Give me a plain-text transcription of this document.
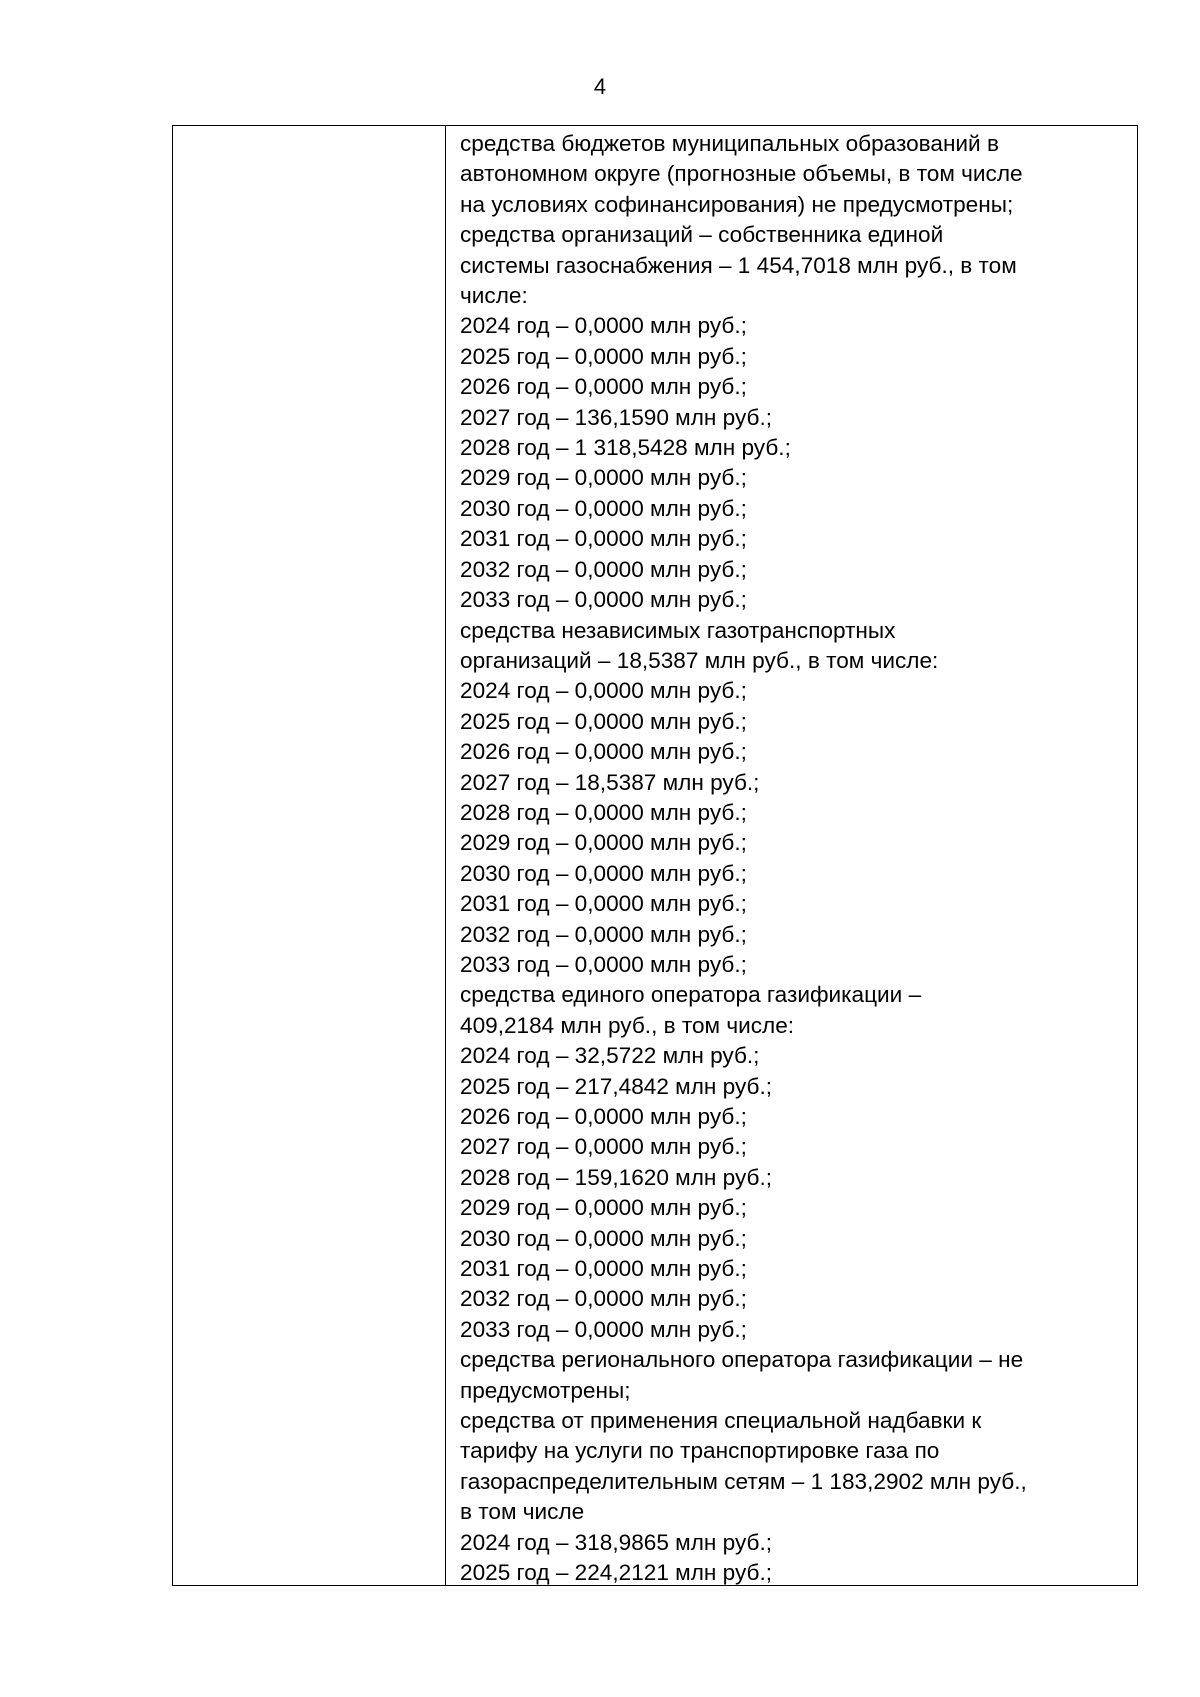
4
средства бюджетов муниципальных образований в
автономном округе (прогнозные объемы, в том числе
на условиях софинансирования) не предусмотрены;
средства организаций – собственника единой
системы газоснабжения – 1 454,7018 млн руб., в том
числе:
2024 год – 0,0000 млн руб.;
2025 год – 0,0000 млн руб.;
2026 год – 0,0000 млн руб.;
2027 год – 136,1590 млн руб.;
2028 год – 1 318,5428 млн руб.;
2029 год – 0,0000 млн руб.;
2030 год – 0,0000 млн руб.;
2031 год – 0,0000 млн руб.;
2032 год – 0,0000 млн руб.;
2033 год – 0,0000 млн руб.;
средства независимых газотранспортных
организаций – 18,5387 млн руб., в том числе:
2024 год – 0,0000 млн руб.;
2025 год – 0,0000 млн руб.;
2026 год – 0,0000 млн руб.;
2027 год – 18,5387 млн руб.;
2028 год – 0,0000 млн руб.;
2029 год – 0,0000 млн руб.;
2030 год – 0,0000 млн руб.;
2031 год – 0,0000 млн руб.;
2032 год – 0,0000 млн руб.;
2033 год – 0,0000 млн руб.;
средства единого оператора газификации –
409,2184 млн руб., в том числе:
2024 год – 32,5722 млн руб.;
2025 год – 217,4842 млн руб.;
2026 год – 0,0000 млн руб.;
2027 год – 0,0000 млн руб.;
2028 год – 159,1620 млн руб.;
2029 год – 0,0000 млн руб.;
2030 год – 0,0000 млн руб.;
2031 год – 0,0000 млн руб.;
2032 год – 0,0000 млн руб.;
2033 год – 0,0000 млн руб.;
средства регионального оператора газификации – не
предусмотрены;
средства от применения специальной надбавки к
тарифу на услуги по транспортировке газа по
газораспределительным сетям – 1 183,2902 млн руб.,
в том числе
2024 год – 318,9865 млн руб.;
2025 год – 224,2121 млн руб.;
